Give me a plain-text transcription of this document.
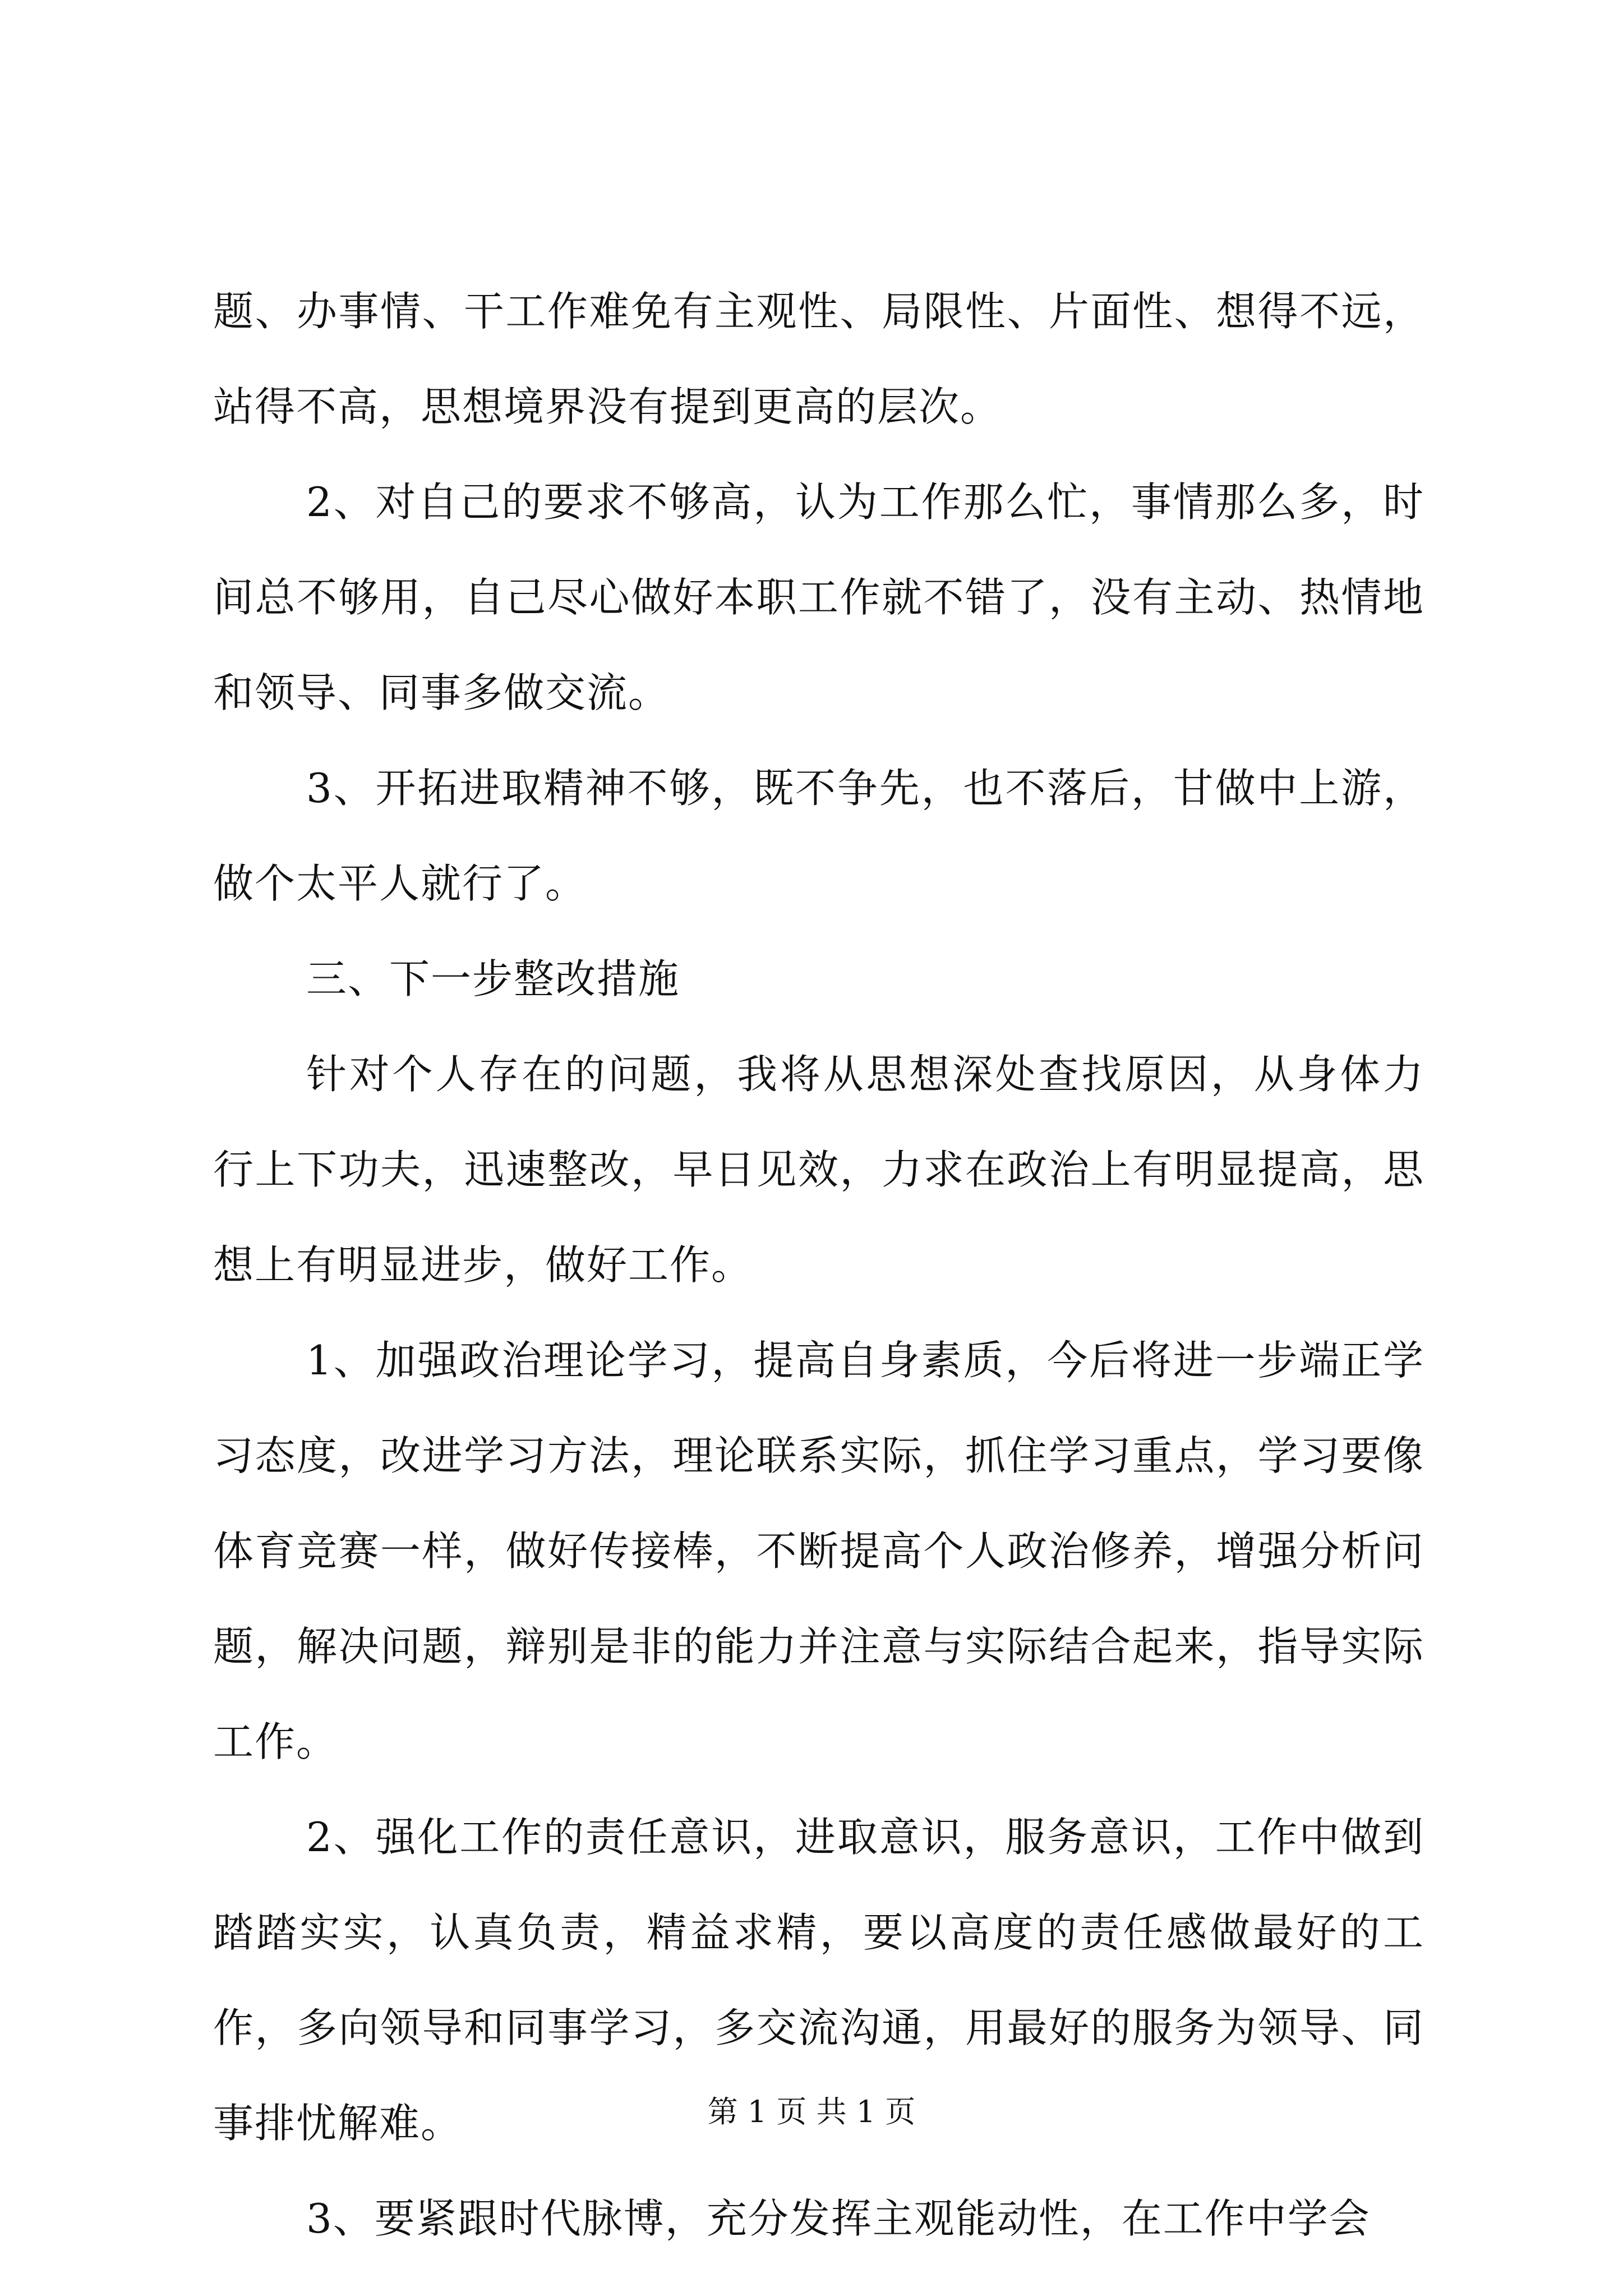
题、办事情、干工作难免有主观性、局限性、片面性、想得不远，站得不高，思想境界没有提到更高的层次。

2、对自己的要求不够高，认为工作那么忙，事情那么多，时间总不够用，自己尽心做好本职工作就不错了，没有主动、热情地和领导、同事多做交流。

3、开拓进取精神不够，既不争先，也不落后，甘做中上游，做个太平人就行了。

三、下一步整改措施

针对个人存在的问题，我将从思想深处查找原因，从身体力行上下功夫，迅速整改，早日见效，力求在政治上有明显提高，思想上有明显进步，做好工作。

1、加强政治理论学习，提高自身素质，今后将进一步端正学习态度，改进学习方法，理论联系实际，抓住学习重点，学习要像体育竞赛一样，做好传接棒，不断提高个人政治修养，增强分析问题，解决问题，辩别是非的能力并注意与实际结合起来，指导实际工作。

2、强化工作的责任意识，进取意识，服务意识，工作中做到踏踏实实，认真负责，精益求精，要以高度的责任感做最好的工作，多向领导和同事学习，多交流沟通，用最好的服务为领导、同事排忧解难。

3、要紧跟时代脉博，充分发挥主观能动性，在工作中学会

第 1 页 共 1 页
